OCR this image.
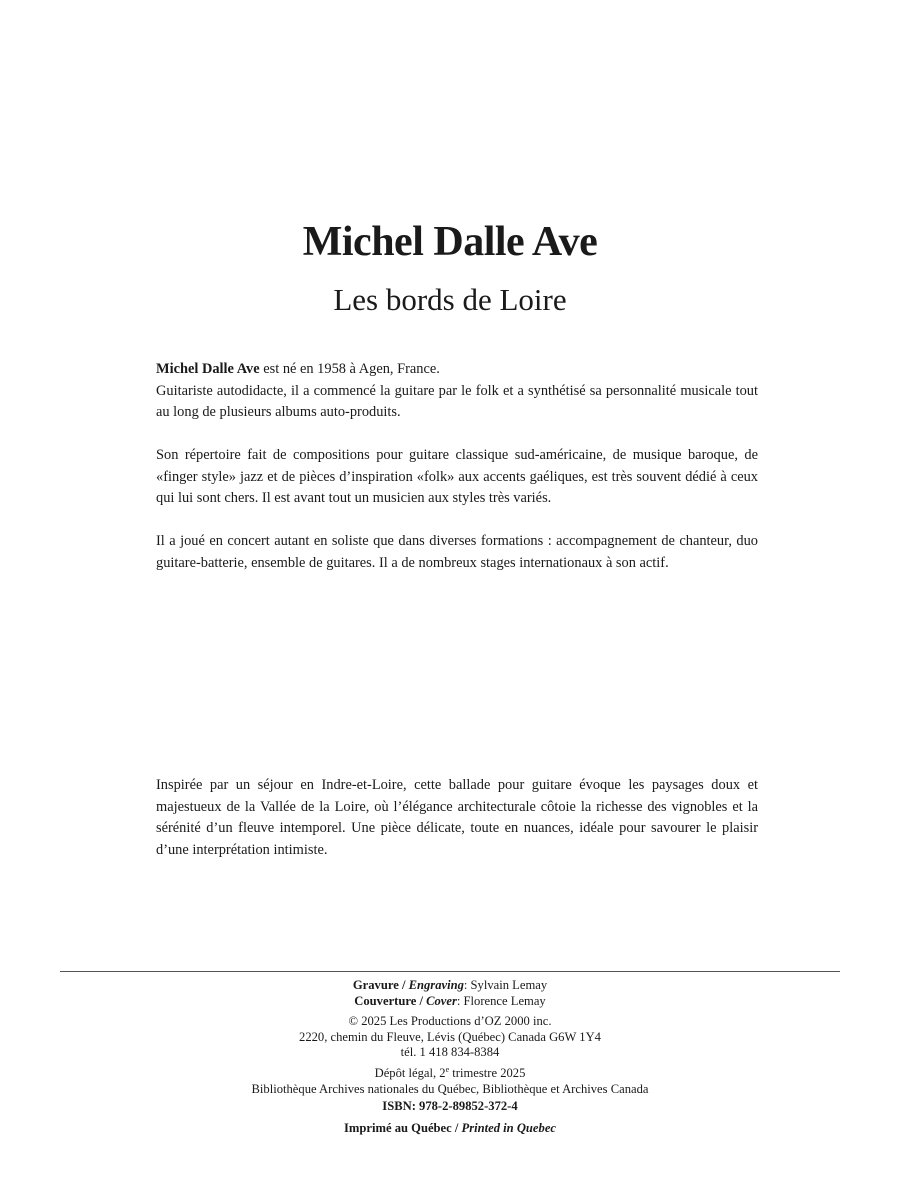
Michel Dalle Ave
Les bords de Loire

Michel Dalle Ave est né en 1958 à Agen, France.

Guitariste autodidacte, il a commencé la guitare par le folk et a synthétisé sa personnalité musicale tout au long de plusieurs albums auto-produits.

Son répertoire fait de compositions pour guitare classique sud-américaine, de musique baroque, de «finger style» jazz et de pièces d’inspiration «folk» aux accents gaéliques, est très souvent dédié à ceux qui lui sont chers. Il est avant tout un musicien aux styles très variés.

Il a joué en concert autant en soliste que dans diverses formations : accompagnement de chanteur, duo guitare-batterie, ensemble de guitares. Il a de nombreux stages internationaux à son actif.

Inspirée par un séjour en Indre-et-Loire, cette ballade pour guitare évoque les paysages doux et majestueux de la Vallée de la Loire, où l’élégance architecturale côtoie la richesse des vignobles et la sérénité d’un fleuve intemporel. Une pièce délicate, toute en nuances, idéale pour savourer le plaisir d’une interprétation intimiste.

Gravure / Engraving: Sylvain Lemay
Couverture / Cover: Florence Lemay
© 2025 Les Productions d’OZ 2000 inc.
2220, chemin du Fleuve, Lévis (Québec) Canada G6W 1Y4
tél. 1 418 834-8384
Dépôt légal, 2e trimestre 2025
Bibliothèque Archives nationales du Québec, Bibliothèque et Archives Canada
ISBN: 978-2-89852-372-4
Imprimé au Québec / Printed in Quebec
